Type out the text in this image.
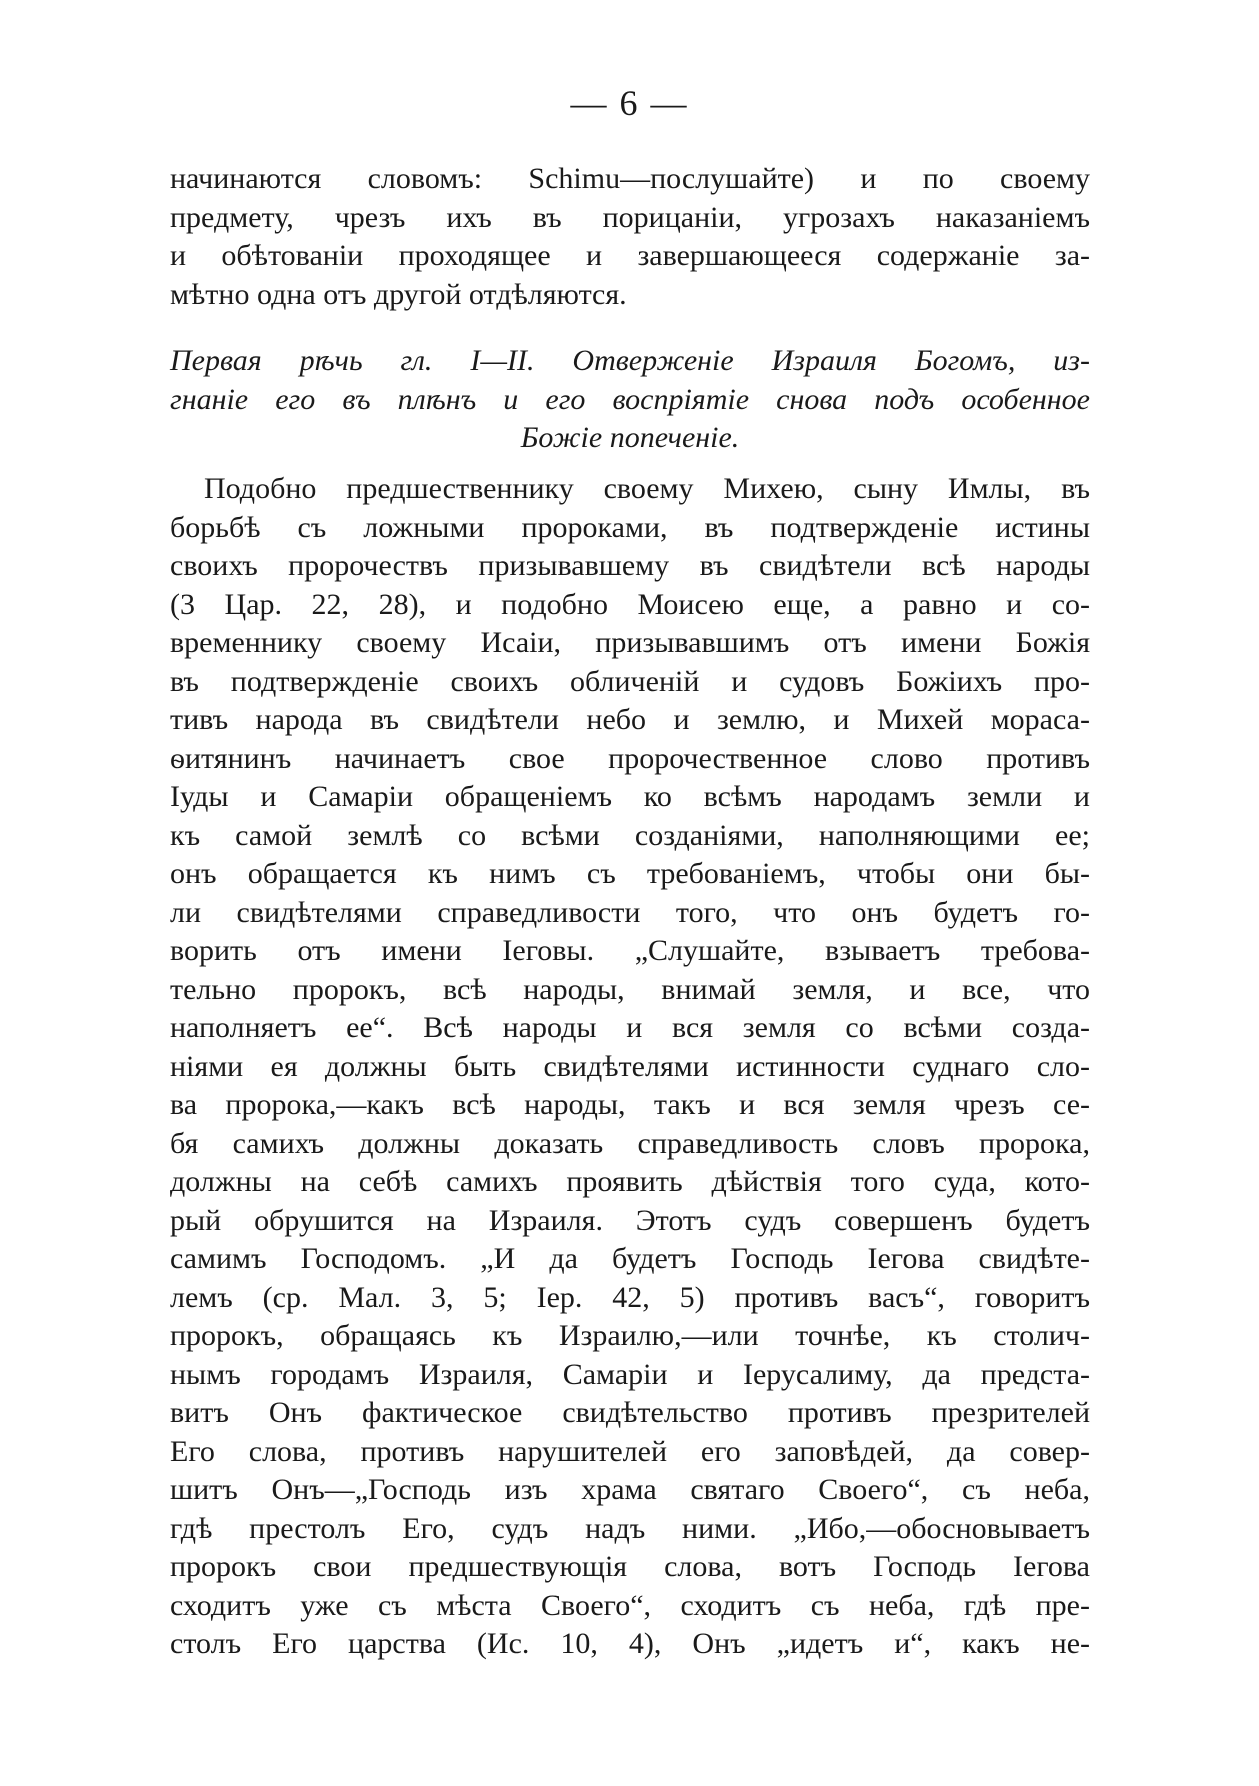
— 6 —
начинаются словомъ: Schimu—послушайте) и по своему
предмету, чрезъ ихъ въ порицаніи, угрозахъ наказаніемъ
и обѣтованіи проходящее и завершающееся содержаніе за-
мѣтно одна отъ другой отдѣляются.
Первая рѣчь гл. I—II. Отверженіе Израиля Богомъ, из-
гнаніе его въ плѣнъ и его воспріятіе снова подъ особенное
Божіе попеченіе.
Подобно предшественнику своему Михею, сыну Имлы, въ
борьбѣ съ ложными пророками, въ подтвержденіе истины
своихъ пророчествъ призывавшему въ свидѣтели всѣ народы
(3 Цар. 22, 28), и подобно Моисею еще, а равно и со-
временнику своему Исаіи, призывавшимъ отъ имени Божія
въ подтвержденіе своихъ обличеній и судовъ Божіихъ про-
тивъ народа въ свидѣтели небо и землю, и Михей мораса-
ѳитянинъ начинаетъ свое пророчественное слово противъ
Іуды и Самаріи обращеніемъ ко всѣмъ народамъ земли и
къ самой землѣ со всѣми созданіями, наполняющими ее;
онъ обращается къ нимъ съ требованіемъ, чтобы они бы-
ли свидѣтелями справедливости того, что онъ будетъ го-
ворить отъ имени Іеговы. „Слушайте, взываетъ требова-
тельно пророкъ, всѣ народы, внимай земля, и все, что
наполняетъ ее“. Всѣ народы и вся земля со всѣми созда-
ніями ея должны быть свидѣтелями истинности суднаго сло-
ва пророка,—какъ всѣ народы, такъ и вся земля чрезъ се-
бя самихъ должны доказать справедливость словъ пророка,
должны на себѣ самихъ проявить дѣйствія того суда, кото-
рый обрушится на Израиля. Этотъ судъ совершенъ будетъ
самимъ Господомъ. „И да будетъ Господь Іегова свидѣте-
лемъ (ср. Мал. 3, 5; Іер. 42, 5) противъ васъ“, говоритъ
пророкъ, обращаясь къ Израилю,—или точнѣе, къ столич-
нымъ городамъ Израиля, Самаріи и Іерусалиму, да предста-
витъ Онъ фактическое свидѣтельство противъ презрителей
Его слова, противъ нарушителей его заповѣдей, да совер-
шитъ Онъ—„Господь изъ храма святаго Своего“, съ неба,
гдѣ престолъ Его, судъ надъ ними. „Ибо,—обосновываетъ
пророкъ свои предшествующія слова, вотъ Господь Іегова
сходитъ уже съ мѣста Своего“, сходитъ съ неба, гдѣ пре-
столъ Его царства (Ис. 10, 4), Онъ „идетъ и“, какъ не-
